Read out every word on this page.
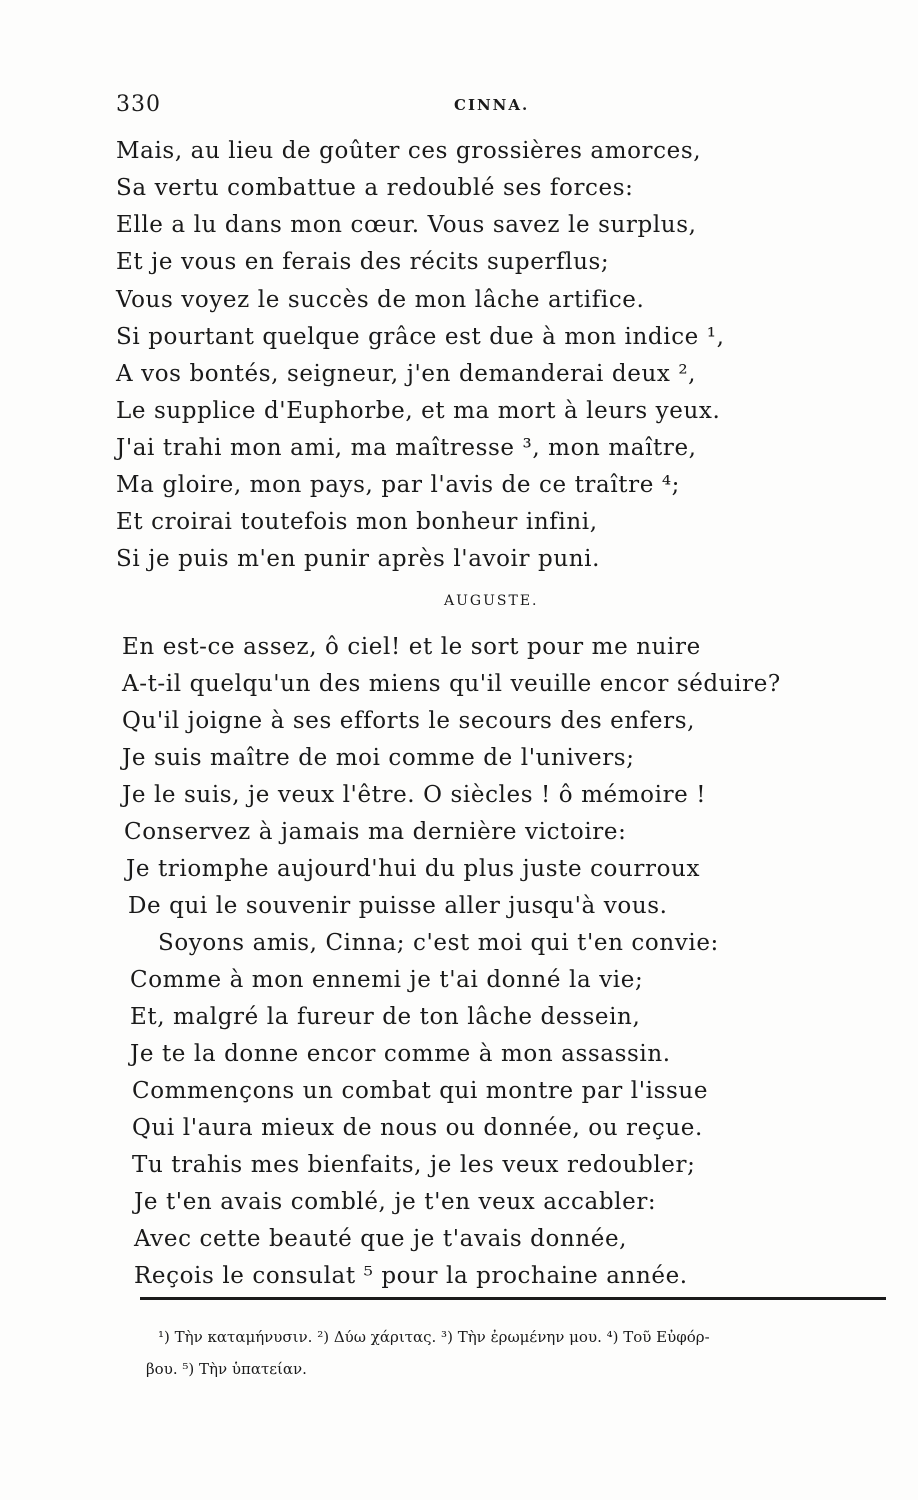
330	CINNA.
Mais, au lieu de goûter ces grossières amorces,
Sa vertu combattue a redoublé ses forces:
Elle a lu dans mon cœur. Vous savez le surplus,
Et je vous en ferais des récits superflus;
Vous voyez le succès de mon lâche artifice.
Si pourtant quelque grâce est due à mon indice ¹,
A vos bontés, seigneur, j'en demanderai deux ²,
Le supplice d'Euphorbe, et ma mort à leurs yeux.
J'ai trahi mon ami, ma maîtresse ³, mon maître,
Ma gloire, mon pays, par l'avis de ce traître ⁴;
Et croirai toutefois mon bonheur infini,
Si je puis m'en punir après l'avoir puni.
AUGUSTE.
En est-ce assez, ô ciel! et le sort pour me nuire
A-t-il quelqu'un des miens qu'il veuille encor séduire?
Qu'il joigne à ses efforts le secours des enfers,
Je suis maître de moi comme de l'univers;
Je le suis, je veux l'être. O siècles ! ô mémoire !
Conservez à jamais ma dernière victoire:
Je triomphe aujourd'hui du plus juste courroux
De qui le souvenir puisse aller jusqu'à vous.
Soyons amis, Cinna; c'est moi qui t'en convie:
Comme à mon ennemi je t'ai donné la vie;
Et, malgré la fureur de ton lâche dessein,
Je te la donne encor comme à mon assassin.
Commençons un combat qui montre par l'issue
Qui l'aura mieux de nous ou donnée, ou reçue.
Tu trahis mes bienfaits, je les veux redoubler;
Je t'en avais comblé, je t'en veux accabler:
Avec cette beauté que je t'avais donnée,
Reçois le consulat ⁵ pour la prochaine année.
¹) Τὴν καταμήνυσιν. ²) Δύω χάριτας. ³) Τὴν ἐρωμένην μου. ⁴) Τοῦ Εὐφόρ-
βου. ⁵) Τὴν ὑπατείαν.
